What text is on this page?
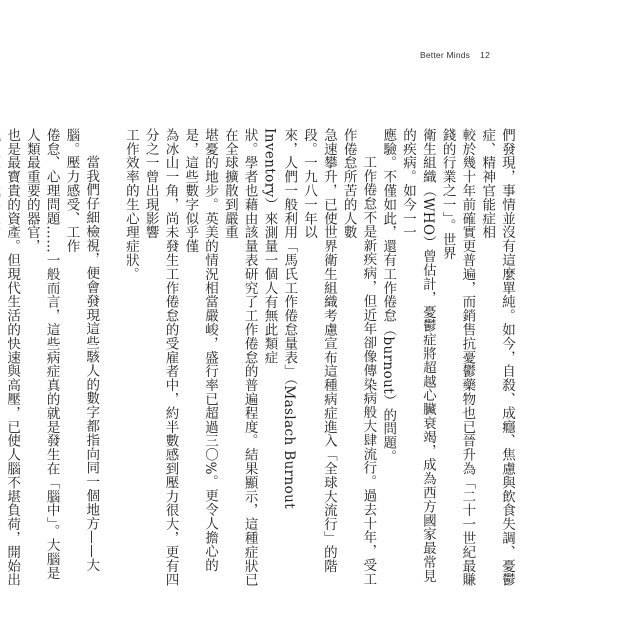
Better Minds 12

們發現，事情並沒有這麼單純。如今，自殺、成癮、焦慮與飲食失調、憂鬱症、精神官能症相
較於幾十年前確實更普遍，而銷售抗憂鬱藥物也已晉升為「二十一世紀最賺錢的行業之一」。世界
衛生組織（WHO）曾估計，憂鬱症將超越心臟衰竭，成為西方國家最常見的疾病。如今一一
應驗。不僅如此，還有工作倦怠（burnout）的問題。

工作倦怠不是新疾病，但近年卻像傳染病般大肆流行。過去十年，受工作倦怠所苦的人數
急速攀升，已使世界衛生組織考慮宣布這種病症進入「全球大流行」的階段。一九八一年以
來，人們一般利用「馬氏工作倦怠量表」（Maslach Burnout Inventory）來測量一個人有無此類症
狀。學者也藉由該量表研究了工作倦怠的普遍程度。結果顯示，這種症狀已在全球擴散到嚴重
堪憂的地步。英美的情況相當嚴峻，盛行率已超過三〇%。更令人擔心的是，這些數字似乎僅
為冰山一角，尚未發生工作倦怠的受雇者中，約半數感到壓力很大，更有四分之一曾出現影響
工作效率的生心理症狀。

當我們仔細檢視，便會發現這些駭人的數字都指向同一個地方——大腦。壓力感受、工作
倦怠、心理問題……一般而言，這些病症真的就是發生在「腦中」。大腦是人類最重要的器官，
也是最寶貴的資產。但現代生活的快速與高壓，已使人腦不堪負荷，開始出
